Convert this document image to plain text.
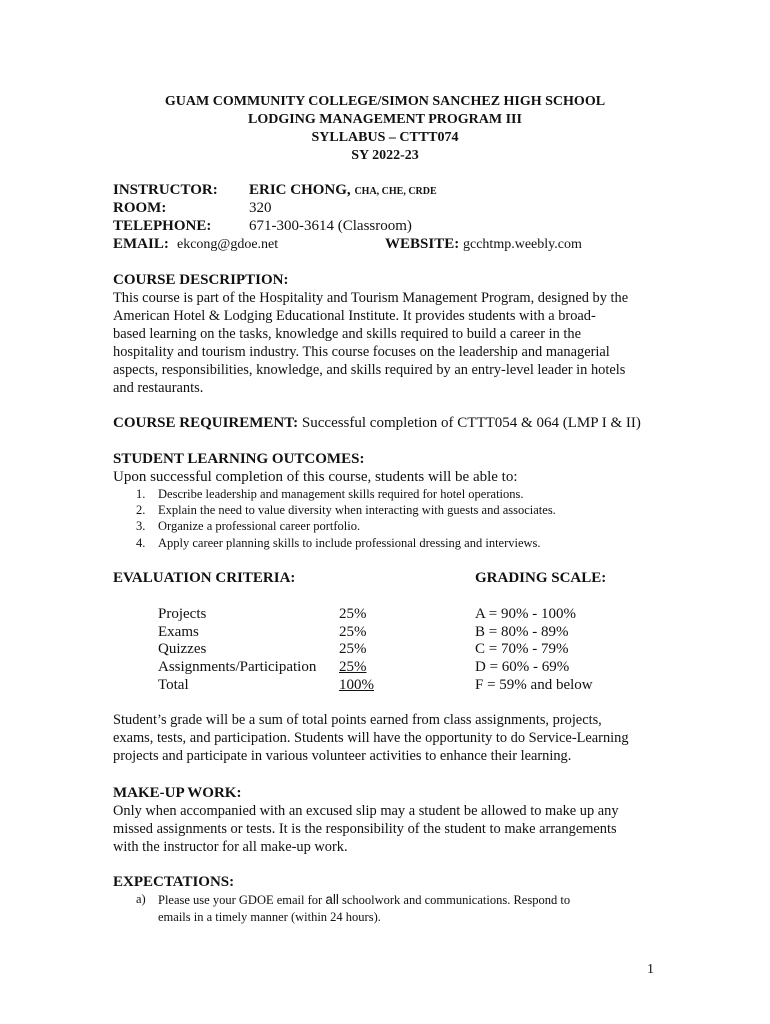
GUAM COMMUNITY COLLEGE/SIMON SANCHEZ HIGH SCHOOL
LODGING MANAGEMENT PROGRAM III
SYLLABUS – CTTT074
SY 2022-23
INSTRUCTOR: ERIC CHONG, CHA, CHE, CRDE
ROOM:	320
TELEPHONE:	671-300-3614 (Classroom)
EMAIL: ekcong@gdoe.net	WEBSITE: gcchtmp.weebly.com
COURSE DESCRIPTION:
This course is part of the Hospitality and Tourism Management Program, designed by the
American Hotel & Lodging Educational Institute. It provides students with a broad-
based learning on the tasks, knowledge and skills required to build a career in the
hospitality and tourism industry. This course focuses on the leadership and managerial
aspects, responsibilities, knowledge, and skills required by an entry-level leader in hotels
and restaurants.
COURSE REQUIREMENT: Successful completion of CTTT054 & 064 (LMP I & II)
STUDENT LEARNING OUTCOMES:
Upon successful completion of this course, students will be able to:
1. Describe leadership and management skills required for hotel operations.
2. Explain the need to value diversity when interacting with guests and associates.
3. Organize a professional career portfolio.
4. Apply career planning skills to include professional dressing and interviews.
EVALUATION CRITERIA:	GRADING SCALE:
Projects	25%	A = 90% - 100%
Exams	25%	B = 80% - 89%
Quizzes	25%	C = 70% - 79%
Assignments/Participation 25%	D = 60% - 69%
Total	100%	F = 59% and below
Student’s grade will be a sum of total points earned from class assignments, projects,
exams, tests, and participation. Students will have the opportunity to do Service-Learning
projects and participate in various volunteer activities to enhance their learning.
MAKE-UP WORK:
Only when accompanied with an excused slip may a student be allowed to make up any
missed assignments or tests. It is the responsibility of the student to make arrangements
with the instructor for all make-up work.
EXPECTATIONS:
a) Please use your GDOE email for all schoolwork and communications. Respond to
emails in a timely manner (within 24 hours).
1
